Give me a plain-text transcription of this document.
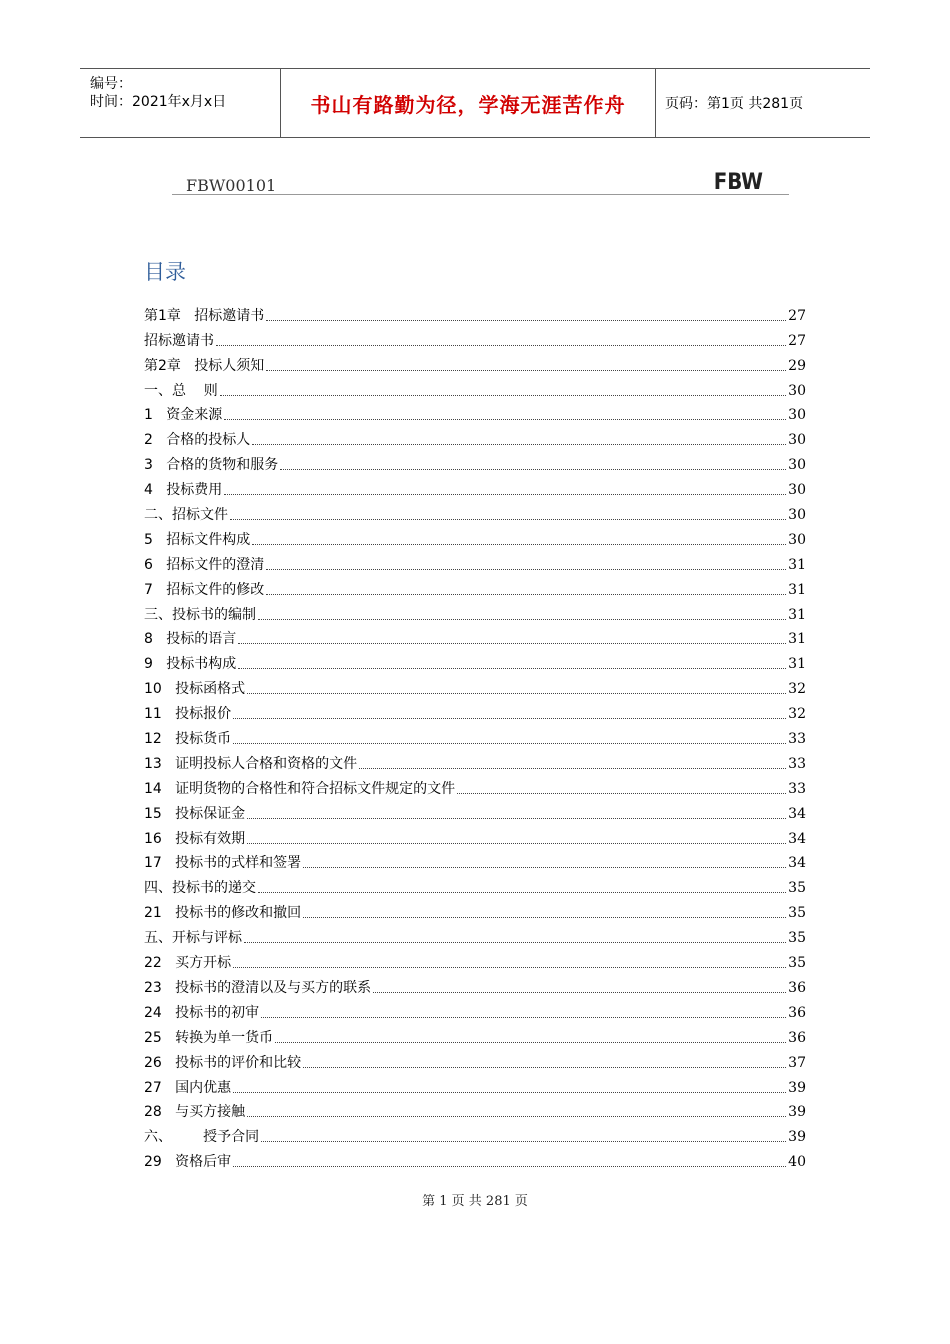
编号：
时间：2021年x月x日	书山有路勤为径，学海无涯苦作舟	页码：第1页 共281页
FBW00101	FBW
目录
第1章   招标邀请书	27
招标邀请书	27
第2章   投标人须知	29
一、总    则	30
1   资金来源	30
2   合格的投标人	30
3   合格的货物和服务	30
4   投标费用	30
二、招标文件	30
5   招标文件构成	30
6   招标文件的澄清	31
7   招标文件的修改	31
三、投标书的编制	31
8   投标的语言	31
9   投标书构成	31
10   投标函格式	32
11   投标报价	32
12   投标货币	33
13   证明投标人合格和资格的文件	33
14   证明货物的合格性和符合招标文件规定的文件	33
15   投标保证金	34
16   投标有效期	34
17   投标书的式样和签署	34
四、投标书的递交	35
21   投标书的修改和撤回	35
五、开标与评标	35
22   买方开标	35
23   投标书的澄清以及与买方的联系	36
24   投标书的初审	36
25   转换为单一货币	36
26   投标书的评价和比较	37
27   国内优惠	39
28   与买方接触	39
六、       授予合同	39
29   资格后审	40
第 1 页 共 281 页
